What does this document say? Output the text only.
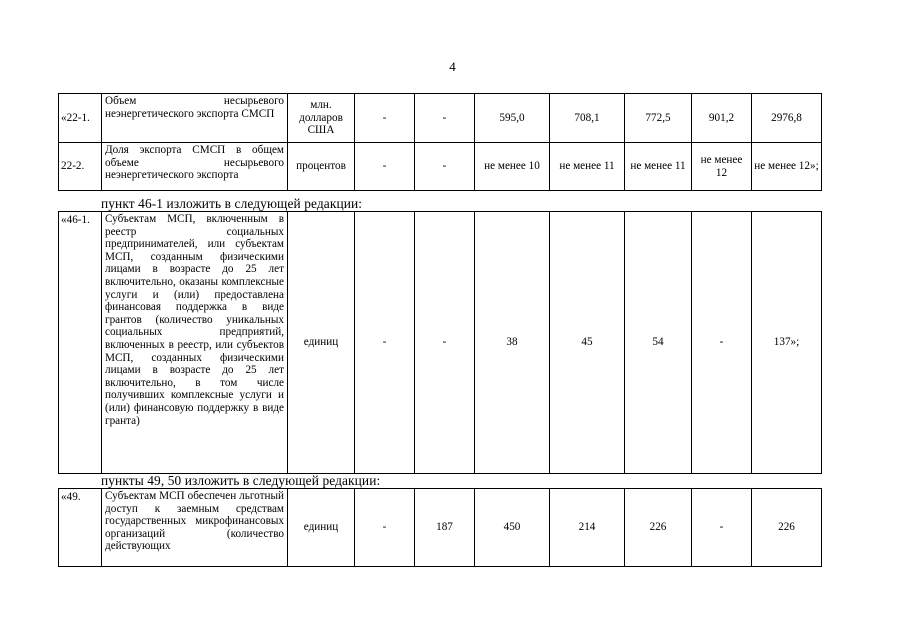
4
«22-1.	Объем несырьевого неэнергетического экспорта СМСП	млн. долларов США	-	-	595,0	708,1	772,5	901,2	2976,8
22-2.	Доля экспорта СМСП в общем объеме несырьевого неэнергетического экспорта	процентов	-	-	не менее 10	не менее 11	не менее 11	не менее 12	не менее 12»;
пункт 46-1 изложить в следующей редакции:
«46-1.	Субъектам МСП, включенным в реестр социальных предпринимателей, или субъектам МСП, созданным физическими лицами в возрасте до 25 лет включительно, оказаны комплексные услуги и (или) предоставлена финансовая поддержка в виде грантов (количество уникальных социальных предприятий, включенных в реестр, или субъектов МСП, созданных физическими лицами в возрасте до 25 лет включительно, в том числе получивших комплексные услуги и (или) финансовую поддержку в виде гранта)	единиц	-	-	38	45	54	-	137»;
пункты 49, 50 изложить в следующей редакции:
«49.	Субъектам МСП обеспечен льготный доступ к заемным средствам государственных микрофинансовых организаций (количество действующих	единиц	-	187	450	214	226	-	226
